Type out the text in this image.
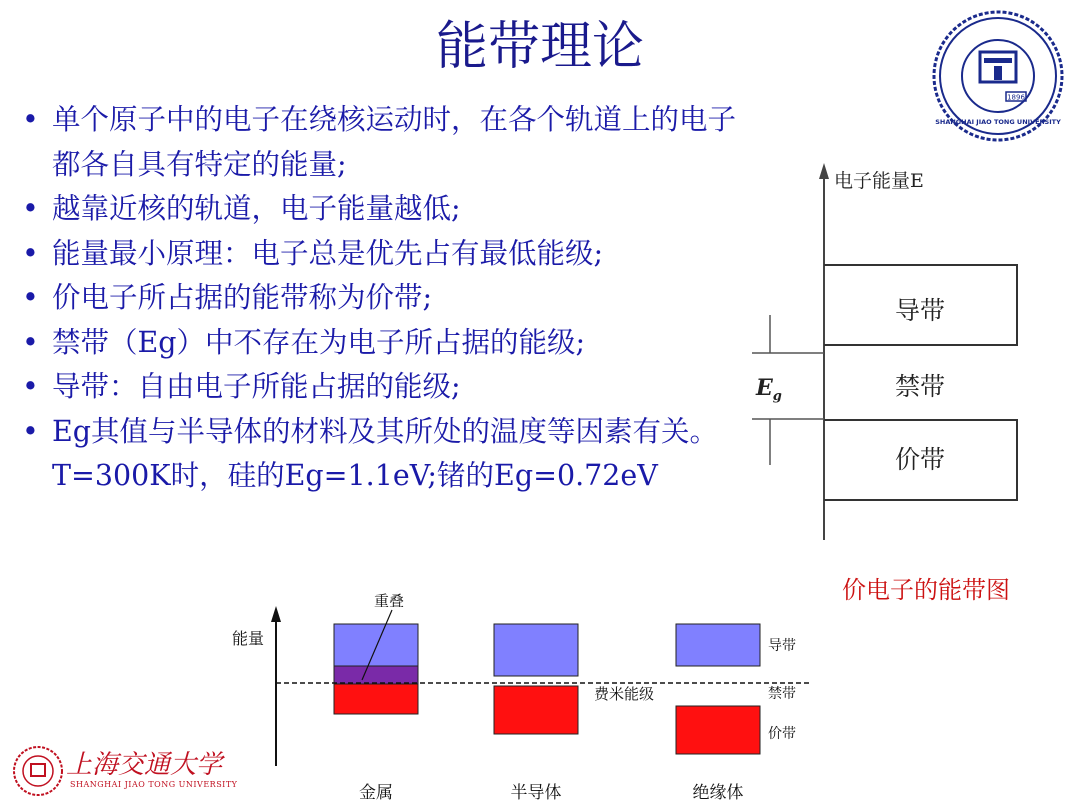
能带理论
1896
SHANGHAI JIAO TONG UNIVERSITY
• 单个原子中的电子在绕核运动时，在各个轨道上的电子都各自具有特定的能量;
• 越靠近核的轨道，电子能量越低;
• 能量最小原理：电子总是优先占有最低能级;
• 价电子所占据的能带称为价带;
• 禁带（Eg）中不存在为电子所占据的能级;
• 导带：自由电子所能占据的能级;
• Eg其值与半导体的材料及其所处的温度等因素有关。T=300K时，硅的Eg=1.1eV;锗的Eg=0.72eV
电子能量E
$E_g$
导带
禁带
价带
价电子的能带图
能量
重叠
费米能级
导带
禁带
价带
金属	半导体	绝缘体
上海交通大学
SHANGHAI JIAO TONG UNIVERSITY
